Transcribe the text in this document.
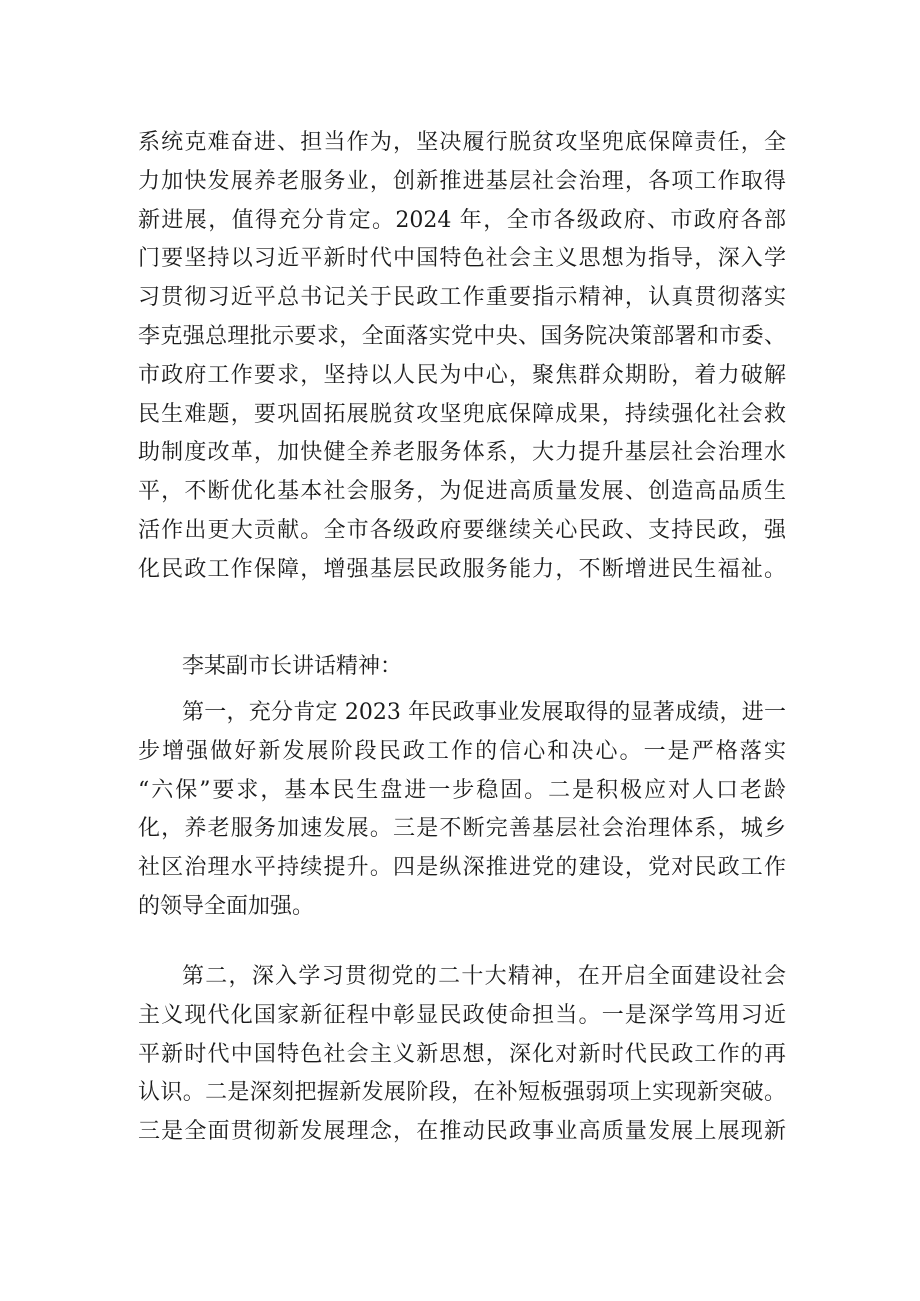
系统克难奋进、担当作为，坚决履行脱贫攻坚兜底保障责任，全
力加快发展养老服务业，创新推进基层社会治理，各项工作取得
新进展，值得充分肯定。2024 年，全市各级政府、市政府各部
门要坚持以习近平新时代中国特色社会主义思想为指导，深入学
习贯彻习近平总书记关于民政工作重要指示精神，认真贯彻落实
李克强总理批示要求，全面落实党中央、国务院决策部署和市委、
市政府工作要求，坚持以人民为中心，聚焦群众期盼，着力破解
民生难题，要巩固拓展脱贫攻坚兜底保障成果，持续强化社会救
助制度改革，加快健全养老服务体系，大力提升基层社会治理水
平，不断优化基本社会服务，为促进高质量发展、创造高品质生
活作出更大贡献。全市各级政府要继续关心民政、支持民政，强
化民政工作保障，增强基层民政服务能力，不断增进民生福祉。
李某副市长讲话精神：
第一，充分肯定 2023 年民政事业发展取得的显著成绩，进一
步增强做好新发展阶段民政工作的信心和决心。一是严格落实
“六保”要求，基本民生盘进一步稳固。二是积极应对人口老龄
化，养老服务加速发展。三是不断完善基层社会治理体系，城乡
社区治理水平持续提升。四是纵深推进党的建设，党对民政工作
的领导全面加强。
第二，深入学习贯彻党的二十大精神，在开启全面建设社会
主义现代化国家新征程中彰显民政使命担当。一是深学笃用习近
平新时代中国特色社会主义新思想，深化对新时代民政工作的再
认识。二是深刻把握新发展阶段，在补短板强弱项上实现新突破。
三是全面贯彻新发展理念，在推动民政事业高质量发展上展现新
